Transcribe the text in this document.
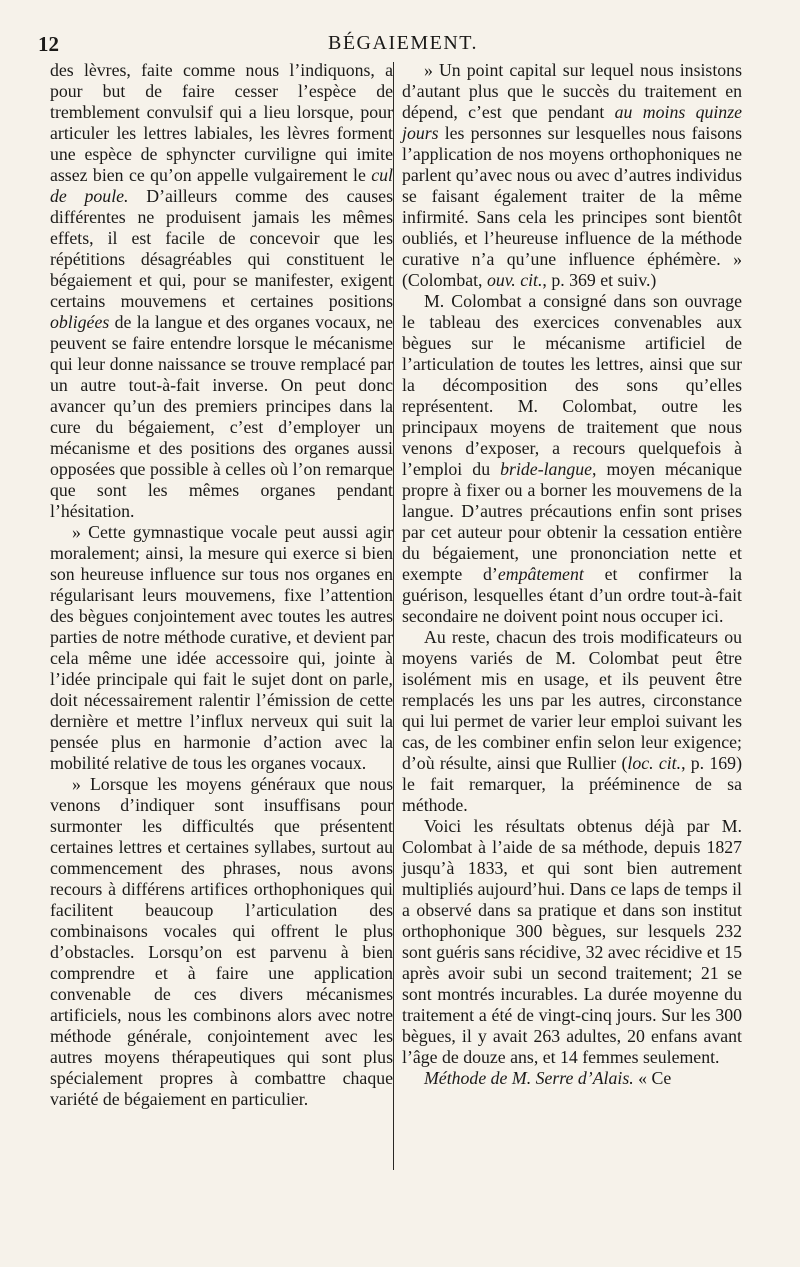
12	BÉGAIEMENT.

des lèvres, faite comme nous l’indiquons, a pour but de faire cesser l’espèce de tremblement convulsif qui a lieu lorsque, pour articuler les lettres labiales, les lèvres forment une espèce de sphyncter curviligne qui imite assez bien ce qu’on appelle vulgairement le cul de poule. D’ailleurs comme des causes différentes ne produisent jamais les mêmes effets, il est facile de concevoir que les répétitions désagréables qui constituent le bégaiement et qui, pour se manifester, exigent certains mouvemens et certaines positions obligées de la langue et des organes vocaux, ne peuvent se faire entendre lorsque le mécanisme qui leur donne naissance se trouve remplacé par un autre tout-à-fait inverse. On peut donc avancer qu’un des premiers principes dans la cure du bégaiement, c’est d’employer un mécanisme et des positions des organes aussi opposées que possible à celles où l’on remarque que sont les mêmes organes pendant l’hésitation.

» Cette gymnastique vocale peut aussi agir moralement; ainsi, la mesure qui exerce si bien son heureuse influence sur tous nos organes en régularisant leurs mouvemens, fixe l’attention des bègues conjointement avec toutes les autres parties de notre méthode curative, et devient par cela même une idée accessoire qui, jointe à l’idée principale qui fait le sujet dont on parle, doit nécessairement ralentir l’émission de cette dernière et mettre l’influx nerveux qui suit la pensée plus en harmonie d’action avec la mobilité relative de tous les organes vocaux.

» Lorsque les moyens généraux que nous venons d’indiquer sont insuffisans pour surmonter les difficultés que présentent certaines lettres et certaines syllabes, surtout au commencement des phrases, nous avons recours à différens artifices orthophoniques qui facilitent beaucoup l’articulation des combinaisons vocales qui offrent le plus d’obstacles. Lorsqu’on est parvenu à bien comprendre et à faire une application convenable de ces divers mécanismes artificiels, nous les combinons alors avec notre méthode générale, conjointement avec les autres moyens thérapeutiques qui sont plus spécialement propres à combattre chaque variété de bégaiement en particulier.

» Un point capital sur lequel nous insistons d’autant plus que le succès du traitement en dépend, c’est que pendant au moins quinze jours les personnes sur lesquelles nous faisons l’application de nos moyens orthophoniques ne parlent qu’avec nous ou avec d’autres individus se faisant également traiter de la même infirmité. Sans cela les principes sont bientôt oubliés, et l’heureuse influence de la méthode curative n’a qu’une influence éphémère. » (Colombat, ouv. cit., p. 369 et suiv.)

M. Colombat a consigné dans son ouvrage le tableau des exercices convenables aux bègues sur le mécanisme artificiel de l’articulation de toutes les lettres, ainsi que sur la décomposition des sons qu’elles représentent. M. Colombat, outre les principaux moyens de traitement que nous venons d’exposer, a recours quelquefois à l’emploi du bride-langue, moyen mécanique propre à fixer ou a borner les mouvemens de la langue. D’autres précautions enfin sont prises par cet auteur pour obtenir la cessation entière du bégaiement, une prononciation nette et exempte d’empâtement et confirmer la guérison, lesquelles étant d’un ordre tout-à-fait secondaire ne doivent point nous occuper ici.

Au reste, chacun des trois modificateurs ou moyens variés de M. Colombat peut être isolément mis en usage, et ils peuvent être remplacés les uns par les autres, circonstance qui lui permet de varier leur emploi suivant les cas, de les combiner enfin selon leur exigence; d’où résulte, ainsi que Rullier (loc. cit., p. 169) le fait remarquer, la prééminence de sa méthode.

Voici les résultats obtenus déjà par M. Colombat à l’aide de sa méthode, depuis 1827 jusqu’à 1833, et qui sont bien autrement multipliés aujourd’hui. Dans ce laps de temps il a observé dans sa pratique et dans son institut orthophonique 300 bègues, sur lesquels 232 sont guéris sans récidive, 32 avec récidive et 15 après avoir subi un second traitement; 21 se sont montrés incurables. La durée moyenne du traitement a été de vingt-cinq jours. Sur les 300 bègues, il y avait 263 adultes, 20 enfans avant l’âge de douze ans, et 14 femmes seulement.

Méthode de M. Serre d’Alais. « Ce
